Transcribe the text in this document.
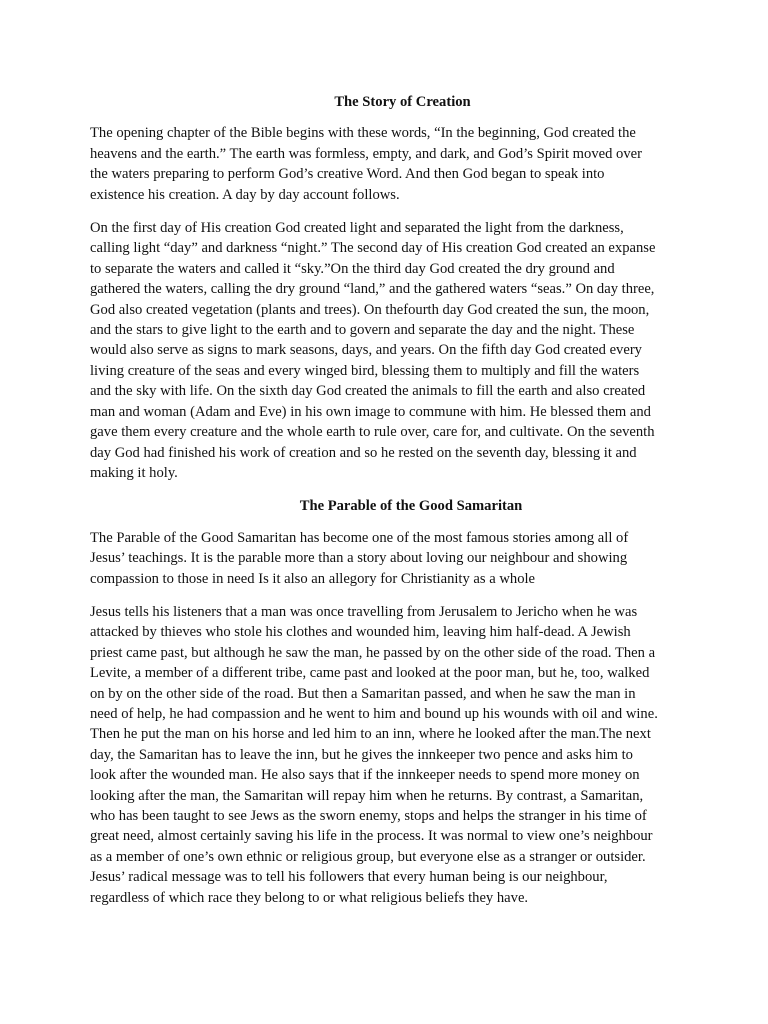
The Story of Creation

The opening chapter of the Bible begins with these words, “In the beginning, God created the
heavens and the earth.” The earth was formless, empty, and dark, and God’s Spirit moved over
the waters preparing to perform God’s creative Word. And then God began to speak into
existence his creation. A day by day account follows.

On the first day of His creation God created light and separated the light from the darkness,
calling light “day” and darkness “night.” The second day of His creation God created an expanse
to separate the waters and called it “sky.”On the third day God created the dry ground and
gathered the waters, calling the dry ground “land,” and the gathered waters “seas.” On day three,
God also created vegetation (plants and trees). On thefourth day God created the sun, the moon,
and the stars to give light to the earth and to govern and separate the day and the night. These
would also serve as signs to mark seasons, days, and years. On the fifth day God created every
living creature of the seas and every winged bird, blessing them to multiply and fill the waters
and the sky with life. On the sixth day God created the animals to fill the earth and also created
man and woman (Adam and Eve) in his own image to commune with him. He blessed them and
gave them every creature and the whole earth to rule over, care for, and cultivate. On the seventh
day God had finished his work of creation and so he rested on the seventh day, blessing it and
making it holy.

The Parable of the Good Samaritan

The Parable of the Good Samaritan has become one of the most famous stories among all of
Jesus’ teachings. It is the parable more than a story about loving our neighbour and showing
compassion to those in need Is it also an allegory for Christianity as a whole

Jesus tells his listeners that a man was once travelling from Jerusalem to Jericho when he was
attacked by thieves who stole his clothes and wounded him, leaving him half-dead. A Jewish
priest came past, but although he saw the man, he passed by on the other side of the road. Then a
Levite, a member of a different tribe, came past and looked at the poor man, but he, too, walked
on by on the other side of the road. But then a Samaritan passed, and when he saw the man in
need of help, he had compassion and he went to him and bound up his wounds with oil and wine.
Then he put the man on his horse and led him to an inn, where he looked after the man.The next
day, the Samaritan has to leave the inn, but he gives the innkeeper two pence and asks him to
look after the wounded man. He also says that if the innkeeper needs to spend more money on
looking after the man, the Samaritan will repay him when he returns. By contrast, a Samaritan,
who has been taught to see Jews as the sworn enemy, stops and helps the stranger in his time of
great need, almost certainly saving his life in the process. It was normal to view one’s neighbour
as a member of one’s own ethnic or religious group, but everyone else as a stranger or outsider.
Jesus’ radical message was to tell his followers that every human being is our neighbour,
regardless of which race they belong to or what religious beliefs they have.
